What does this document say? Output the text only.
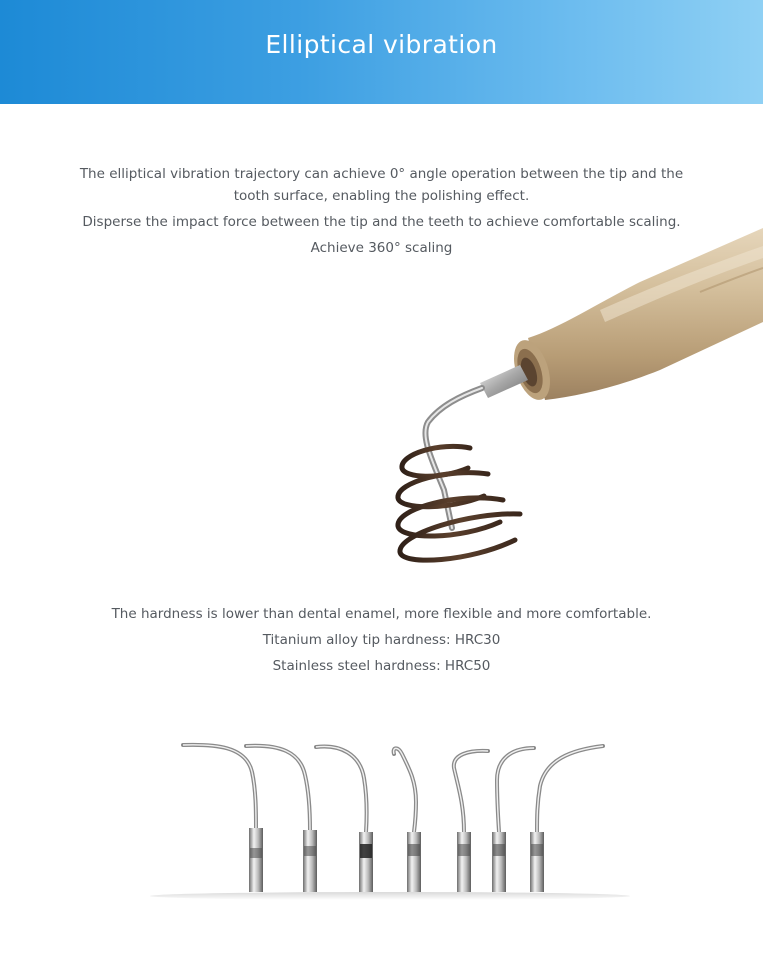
Elliptical vibration

The elliptical vibration trajectory can achieve 0° angle operation between the tip and the tooth surface, enabling the polishing effect.

Disperse the impact force between the tip and the teeth to achieve comfortable scaling.

Achieve 360° scaling

The hardness is lower than dental enamel, more flexible and more comfortable.

Titanium alloy tip hardness: HRC30

Stainless steel hardness: HRC50
